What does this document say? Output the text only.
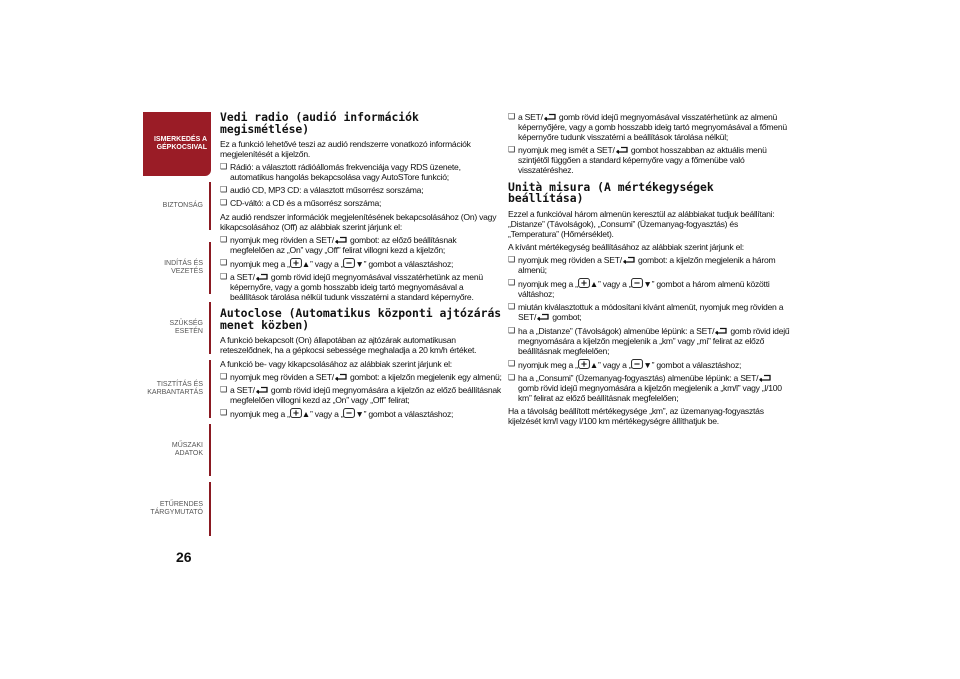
ISMERKEDÉS A
GÉPKOCSIVAL
BIZTONSÁG
INDÍTÁS ÉS VEZETÉS
SZÜKSÉG ESETÉN
TISZTÍTÁS ÉS
KARBANTARTÁS
MŰSZAKI ADATOK
ETŰRENDES
TÁRGYMUTATÓ
26
Vedi radio (audió információk megismétlése)

Ez a funkció lehetővé teszi az audió rendszerre vonatkozó információk megjelenítését a kijelzőn.

❑ Rádió: a választott rádióállomás frekvenciája vagy RDS üzenete, automatikus hangolás bekapcsolása vagy AutoSTore funkció;
❑ audió CD, MP3 CD: a választott műsorrész sorszáma;
❑ CD-váltó: a CD és a műsorrész sorszáma;

Az audió rendszer információk megjelenítésének bekapcsolásához (On) vagy kikapcsolásához (Off) az alábbiak szerint járjunk el:

❑ nyomjuk meg röviden a SET/ gombot: az előző beállításnak megfelelően az „On” vagy „Off” felirat villogni kezd a kijelzőn;
❑ nyomjuk meg a „ ▲” vagy a „ ▼” gombot a választáshoz;
❑ a SET/ gomb rövid idejű megnyomásával visszatérhetünk az menü képernyőre, vagy a gomb hosszabb ideig tartó megnyomásával a beállítások tárolása nélkül tudunk visszatérni a standard képernyőre.
Autoclose (Automatikus központi ajtózárás menet közben)

A funkció bekapcsolt (On) állapotában az ajtózárak automatikusan reteszelődnek, ha a gépkocsi sebessége meghaladja a 20 km/h értéket.

A funkció be- vagy kikapcsolásához az alábbiak szerint járjunk el:

❑ nyomjuk meg röviden a SET/ gombot: a kijelzőn megjelenik egy almenü;
❑ a SET/ gomb rövid idejű megnyomására a kijelzőn az előző beállításnak megfelelően villogni kezd az „On” vagy „Off” felirat;
❑ nyomjuk meg a „ ▲” vagy a „ ▼” gombot a választáshoz;
❑ a SET/ gomb rövid idejű megnyomásával visszatérhetünk az almenü képernyőjére, vagy a gomb hosszabb ideig tartó megnyomásával a főmenü képernyőre tudunk visszatérni a beállítások tárolása nélkül;
❑ nyomjuk meg ismét a SET/ gombot hosszabban az aktuális menü szintjétől függően a standard képernyőre vagy a főmenübe való visszatéréshez.
Unità misura (A mértékegységek beállítása)

Ezzel a funkcióval három almenün keresztül az alábbiakat tudjuk beállítani: „Distanze” (Távolságok), „Consumi” (Üzemanyag-fogyasztás) és „Temperatura” (Hőmérséklet).

A kívánt mértékegység beállításához az alábbiak szerint járjunk el:

❑ nyomjuk meg röviden a SET/ gombot: a kijelzőn megjelenik a három almenü;
❑ nyomjuk meg a „ ▲” vagy a „ ▼” gombot a három almenü közötti váltáshoz;
❑ miután kiválasztottuk a módosítani kívánt almenüt, nyomjuk meg röviden a SET/ gombot;
❑ ha a „Distanze” (Távolságok) almenübe lépünk: a SET/ gomb rövid idejű megnyomására a kijelzőn megjelenik a „km” vagy „mi” felirat az előző beállításnak megfelelően;
❑ nyomjuk meg a „ ▲” vagy a „ ▼” gombot a választáshoz;
❑ ha a „Consumi” (Üzemanyag-fogyasztás) almenübe lépünk: a SET/ gomb rövid idejű megnyomására a kijelzőn megjelenik a „km/l” vagy „l/100 km” felirat az előző beállításnak megfelelően;

Ha a távolság beállított mértékegysége „km”, az üzemanyag-fogyasztás kijelzését km/l vagy l/100 km mértékegységre állíthatjuk be.
